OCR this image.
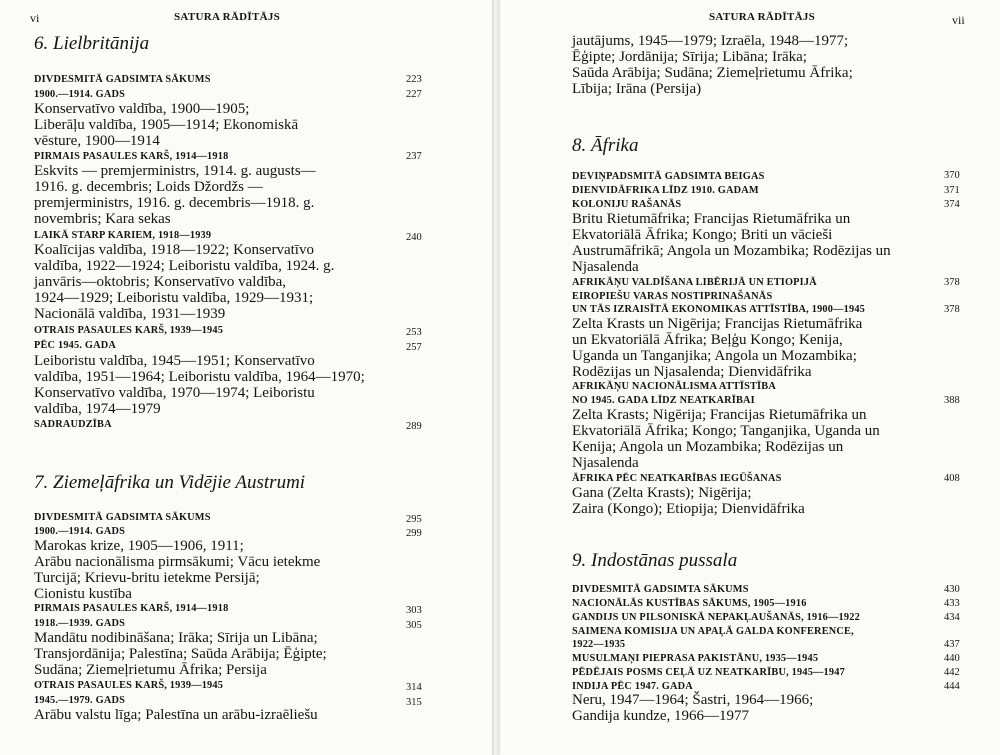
vi	SATURA RĀDĪTĀJS
6. Lielbritānija
DIVDESMITĀ GADSIMTA SĀKUMS	223
1900.—1914. GADS	227
Konservatīvo valdība, 1900—1905;
Liberāļu valdība, 1905—1914; Ekonomiskā
vēsture, 1900—1914
PIRMAIS PASAULES KARŠ, 1914—1918	237
Eskvits — premjerministrs, 1914. g. augusts—
1916. g. decembris; Loids Džordžs —
premjerministrs, 1916. g. decembris—1918. g.
novembris; Kara sekas
LAIKĀ STARP KARIEM, 1918—1939	240
Koalīcijas valdība, 1918—1922; Konservatīvo
valdība, 1922—1924; Leiboristu valdība, 1924. g.
janvāris—oktobris; Konservatīvo valdība,
1924—1929; Leiboristu valdība, 1929—1931;
Nacionālā valdība, 1931—1939
OTRAIS PASAULES KARŠ, 1939—1945	253
PĒC 1945. GADA	257
Leiboristu valdība, 1945—1951; Konservatīvo
valdība, 1951—1964; Leiboristu valdība, 1964—1970;
Konservatīvo valdība, 1970—1974; Leiboristu
valdība, 1974—1979
SADRAUDZĪBA	289
7. Ziemeļāfrika un Vidējie Austrumi
DIVDESMITĀ GADSIMTA SĀKUMS	295
1900.—1914. GADS	299
Marokas krize, 1905—1906, 1911;
Arābu nacionālisma pirmsākumi; Vācu ietekme
Turcijā; Krievu-britu ietekme Persijā;
Cionistu kustība
PIRMAIS PASAULES KARŠ, 1914—1918	303
1918.—1939. GADS	305
Mandātu nodibināšana; Irāka; Sīrija un Libāna;
Transjordānija; Palestīna; Saūda Arābija; Ēģipte;
Sudāna; Ziemeļrietumu Āfrika; Persija
OTRAIS PASAULES KARŠ, 1939—1945	314
1945.—1979. GADS	315
Arābu valstu līga; Palestīna un arābu-izraēliešu
SATURA RĀDĪTĀJS	vii
jautājums, 1945—1979; Izraēla, 1948—1977;
Ēģipte; Jordānija; Sīrija; Libāna; Irāka;
Saūda Arābija; Sudāna; Ziemeļrietumu Āfrika;
Lībija; Irāna (Persija)
8. Āfrika
DEVIŅPADSMITĀ GADSIMTA BEIGAS	370
DIENVIDĀFRIKA LĪDZ 1910. GADAM	371
KOLONIJU RAŠANĀS	374
Britu Rietumāfrika; Francijas Rietumāfrika un
Ekvatoriālā Āfrika; Kongo; Briti un vācieši
Austrumāfrikā; Angola un Mozambika; Rodēzijas un
Njasalenda
AFRIKĀŅU VALDĪŠANA LIBĒRIJĀ UN ETIOPIJĀ	378
EIROPIEŠU VARAS NOSTIPRINAŠANĀS
UN TĀS IZRAISĪTĀ EKONOMIKAS ATTĪSTĪBA, 1900—1945	378
Zelta Krasts un Nigērija; Francijas Rietumāfrika
un Ekvatoriālā Āfrika; Beļģu Kongo; Kenija,
Uganda un Tanganjika; Angola un Mozambika;
Rodēzijas un Njasalenda; Dienvidāfrika
AFRIKĀŅU NACIONĀLISMA ATTĪSTĪBA
NO 1945. GADA LĪDZ NEATKARĪBAI	388
Zelta Krasts; Nigērija; Francijas Rietumāfrika un
Ekvatoriālā Āfrika; Kongo; Tanganjika, Uganda un
Kenija; Angola un Mozambika; Rodēzijas un
Njasalenda
ĀFRIKA PĒC NEATKARĪBAS IEGŪŠANAS	408
Gana (Zelta Krasts); Nigērija;
Zaira (Kongo); Etiopija; Dienvidāfrika
9. Indostānas pussala
DIVDESMITĀ GADSIMTA SĀKUMS	430
NACIONĀLĀS KUSTĪBAS SĀKUMS, 1905—1916	433
GANDIJS UN PILSONISKĀ NEPAKĻAUŠANĀS, 1916—1922	434
SAIMENA KOMISIJA UN APAĻĀ GALDA KONFERENCE,
1922—1935	437
MUSULMAŅI PIEPRASA PAKISTĀNU, 1935—1945	440
PĒDĒJAIS POSMS CEĻĀ UZ NEATKARĪBU, 1945—1947	442
INDIJA PĒC 1947. GADA	444
Neru, 1947—1964; Šastri, 1964—1966;
Gandija kundze, 1966—1977
